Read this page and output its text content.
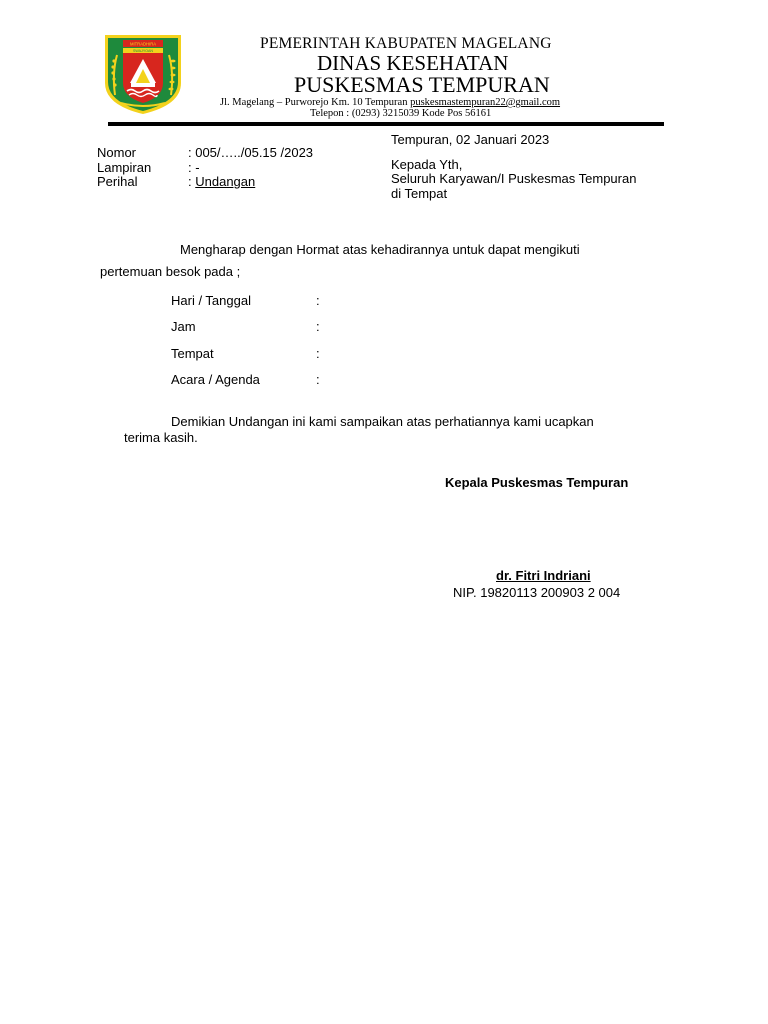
MITRADHIRA
SWAJYOAN	PEMERINTAH KABUPATEN MAGELANG
DINAS KESEHATAN
PUSKESMAS TEMPURAN
Jl. Magelang – Purworejo Km. 10 Tempuran puskesmastempuran22@gmail.com
Telepon : (0293) 3215039 Kode Pos 56161
Nomor	: 005/…../05.15 /2023
Lampiran	: -
Perihal	: Undangan
Tempuran, 02 Januari 2023
Kepada Yth,
Seluruh Karyawan/I Puskesmas Tempuran
di Tempat
Mengharap dengan Hormat atas kehadirannya untuk dapat mengikuti
pertemuan besok pada ;
Hari / Tanggal	:
Jam	:
Tempat	:
Acara / Agenda	:
Demikian Undangan ini kami sampaikan atas perhatiannya kami ucapkan
terima kasih.
Kepala Puskesmas Tempuran
dr. Fitri Indriani
NIP. 19820113 200903 2 004
